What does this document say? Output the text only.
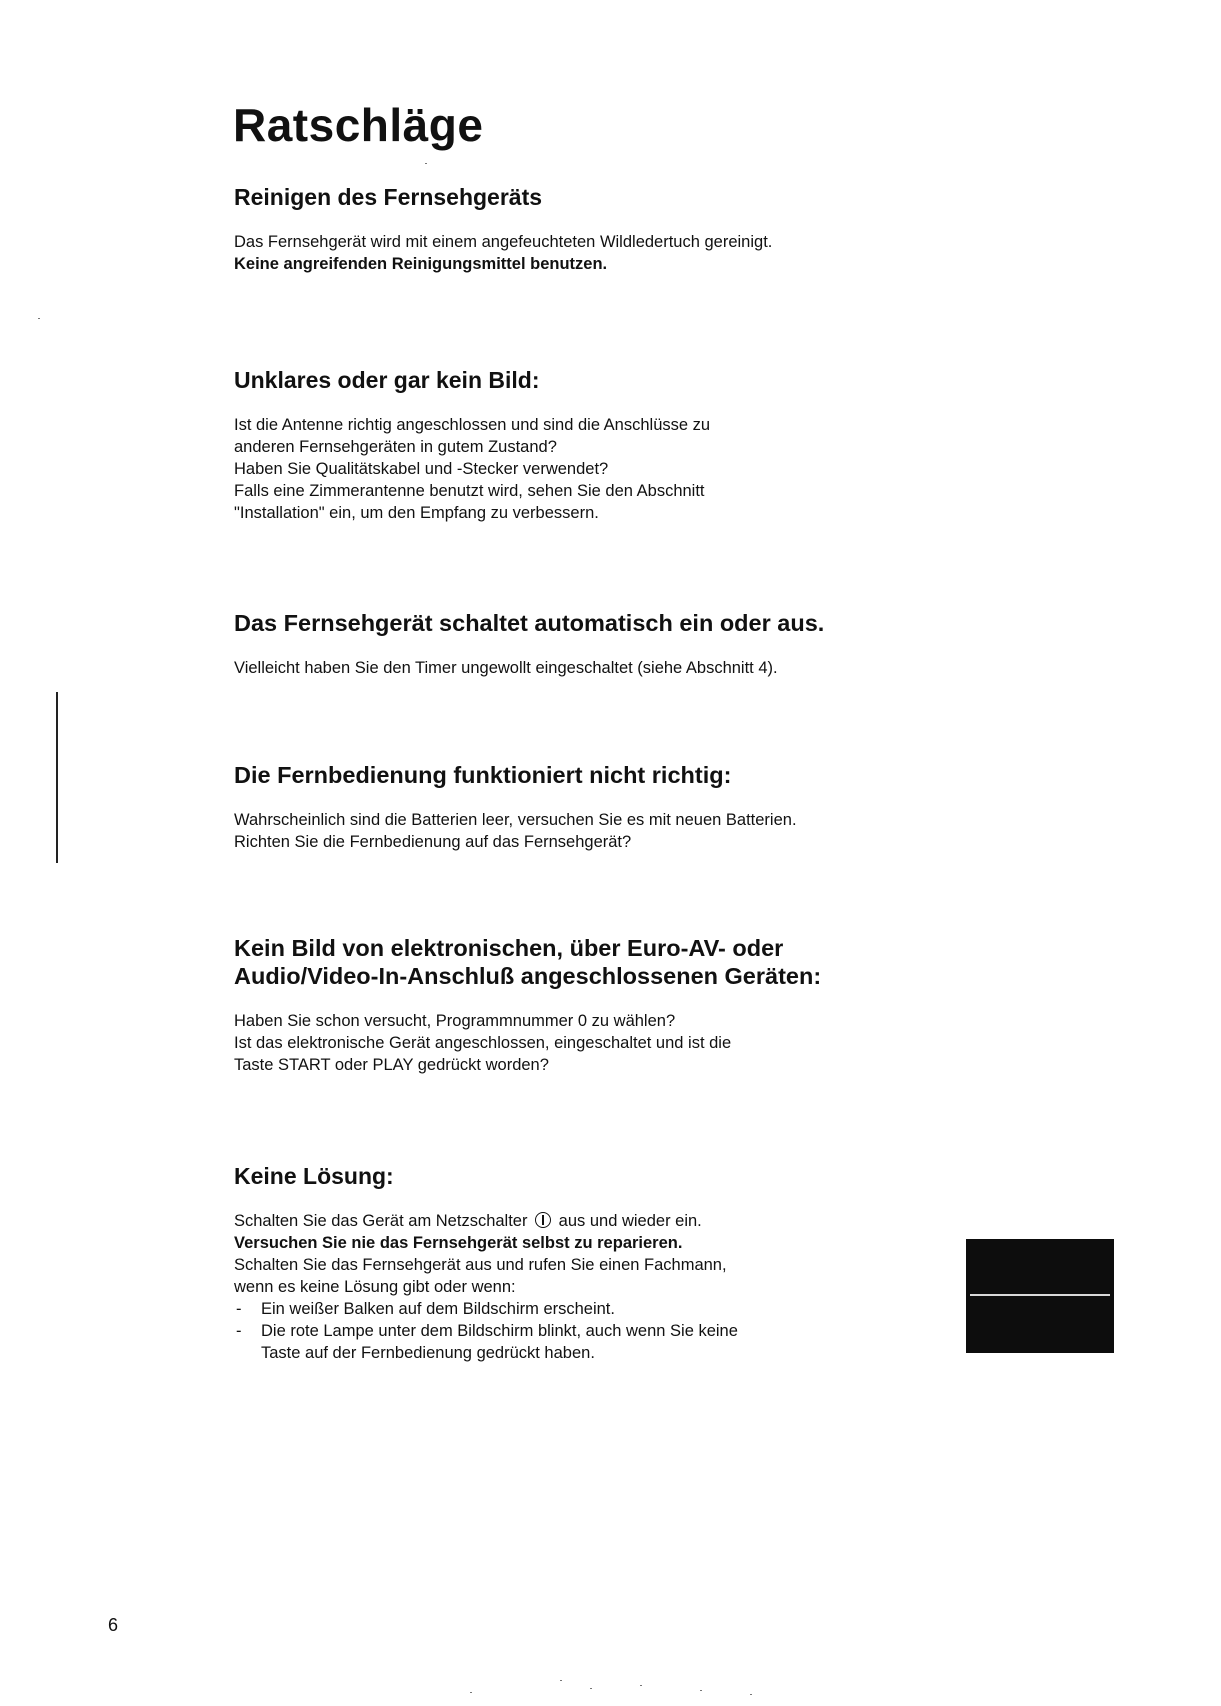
Ratschläge
Reinigen des Fernsehgeräts

Das Fernsehgerät wird mit einem angefeuchteten Wildledertuch gereinigt.

Keine angreifenden Reinigungsmittel benutzen.

Unklares oder gar kein Bild:

Ist die Antenne richtig angeschlossen und sind die Anschlüsse zu

anderen Fernsehgeräten in gutem Zustand?

Haben Sie Qualitätskabel und -Stecker verwendet?

Falls eine Zimmerantenne benutzt wird, sehen Sie den Abschnitt

"Installation" ein, um den Empfang zu verbessern.

Das Fernsehgerät schaltet automatisch ein oder aus.

Vielleicht haben Sie den Timer ungewollt eingeschaltet (siehe Abschnitt 4).

Die Fernbedienung funktioniert nicht richtig:

Wahrscheinlich sind die Batterien leer, versuchen Sie es mit neuen Batterien.

Richten Sie die Fernbedienung auf das Fernsehgerät?

Kein Bild von elektronischen, über Euro-AV- oder
Audio/Video-In-Anschluß angeschlossenen Geräten:

Haben Sie schon versucht, Programmnummer 0 zu wählen?

Ist das elektronische Gerät angeschlossen, eingeschaltet und ist die

Taste START oder PLAY gedrückt worden?

Keine Lösung:

Schalten Sie das Gerät am Netzschalter aus und wieder ein.

Versuchen Sie nie das Fernsehgerät selbst zu reparieren.

Schalten Sie das Fernsehgerät aus und rufen Sie einen Fachmann,

wenn es keine Lösung gibt oder wenn:

- Ein weißer Balken auf dem Bildschirm erscheint.
- Die rote Lampe unter dem Bildschirm blinkt, auch wenn Sie keine

Taste auf der Fernbedienung gedrückt haben.

6
